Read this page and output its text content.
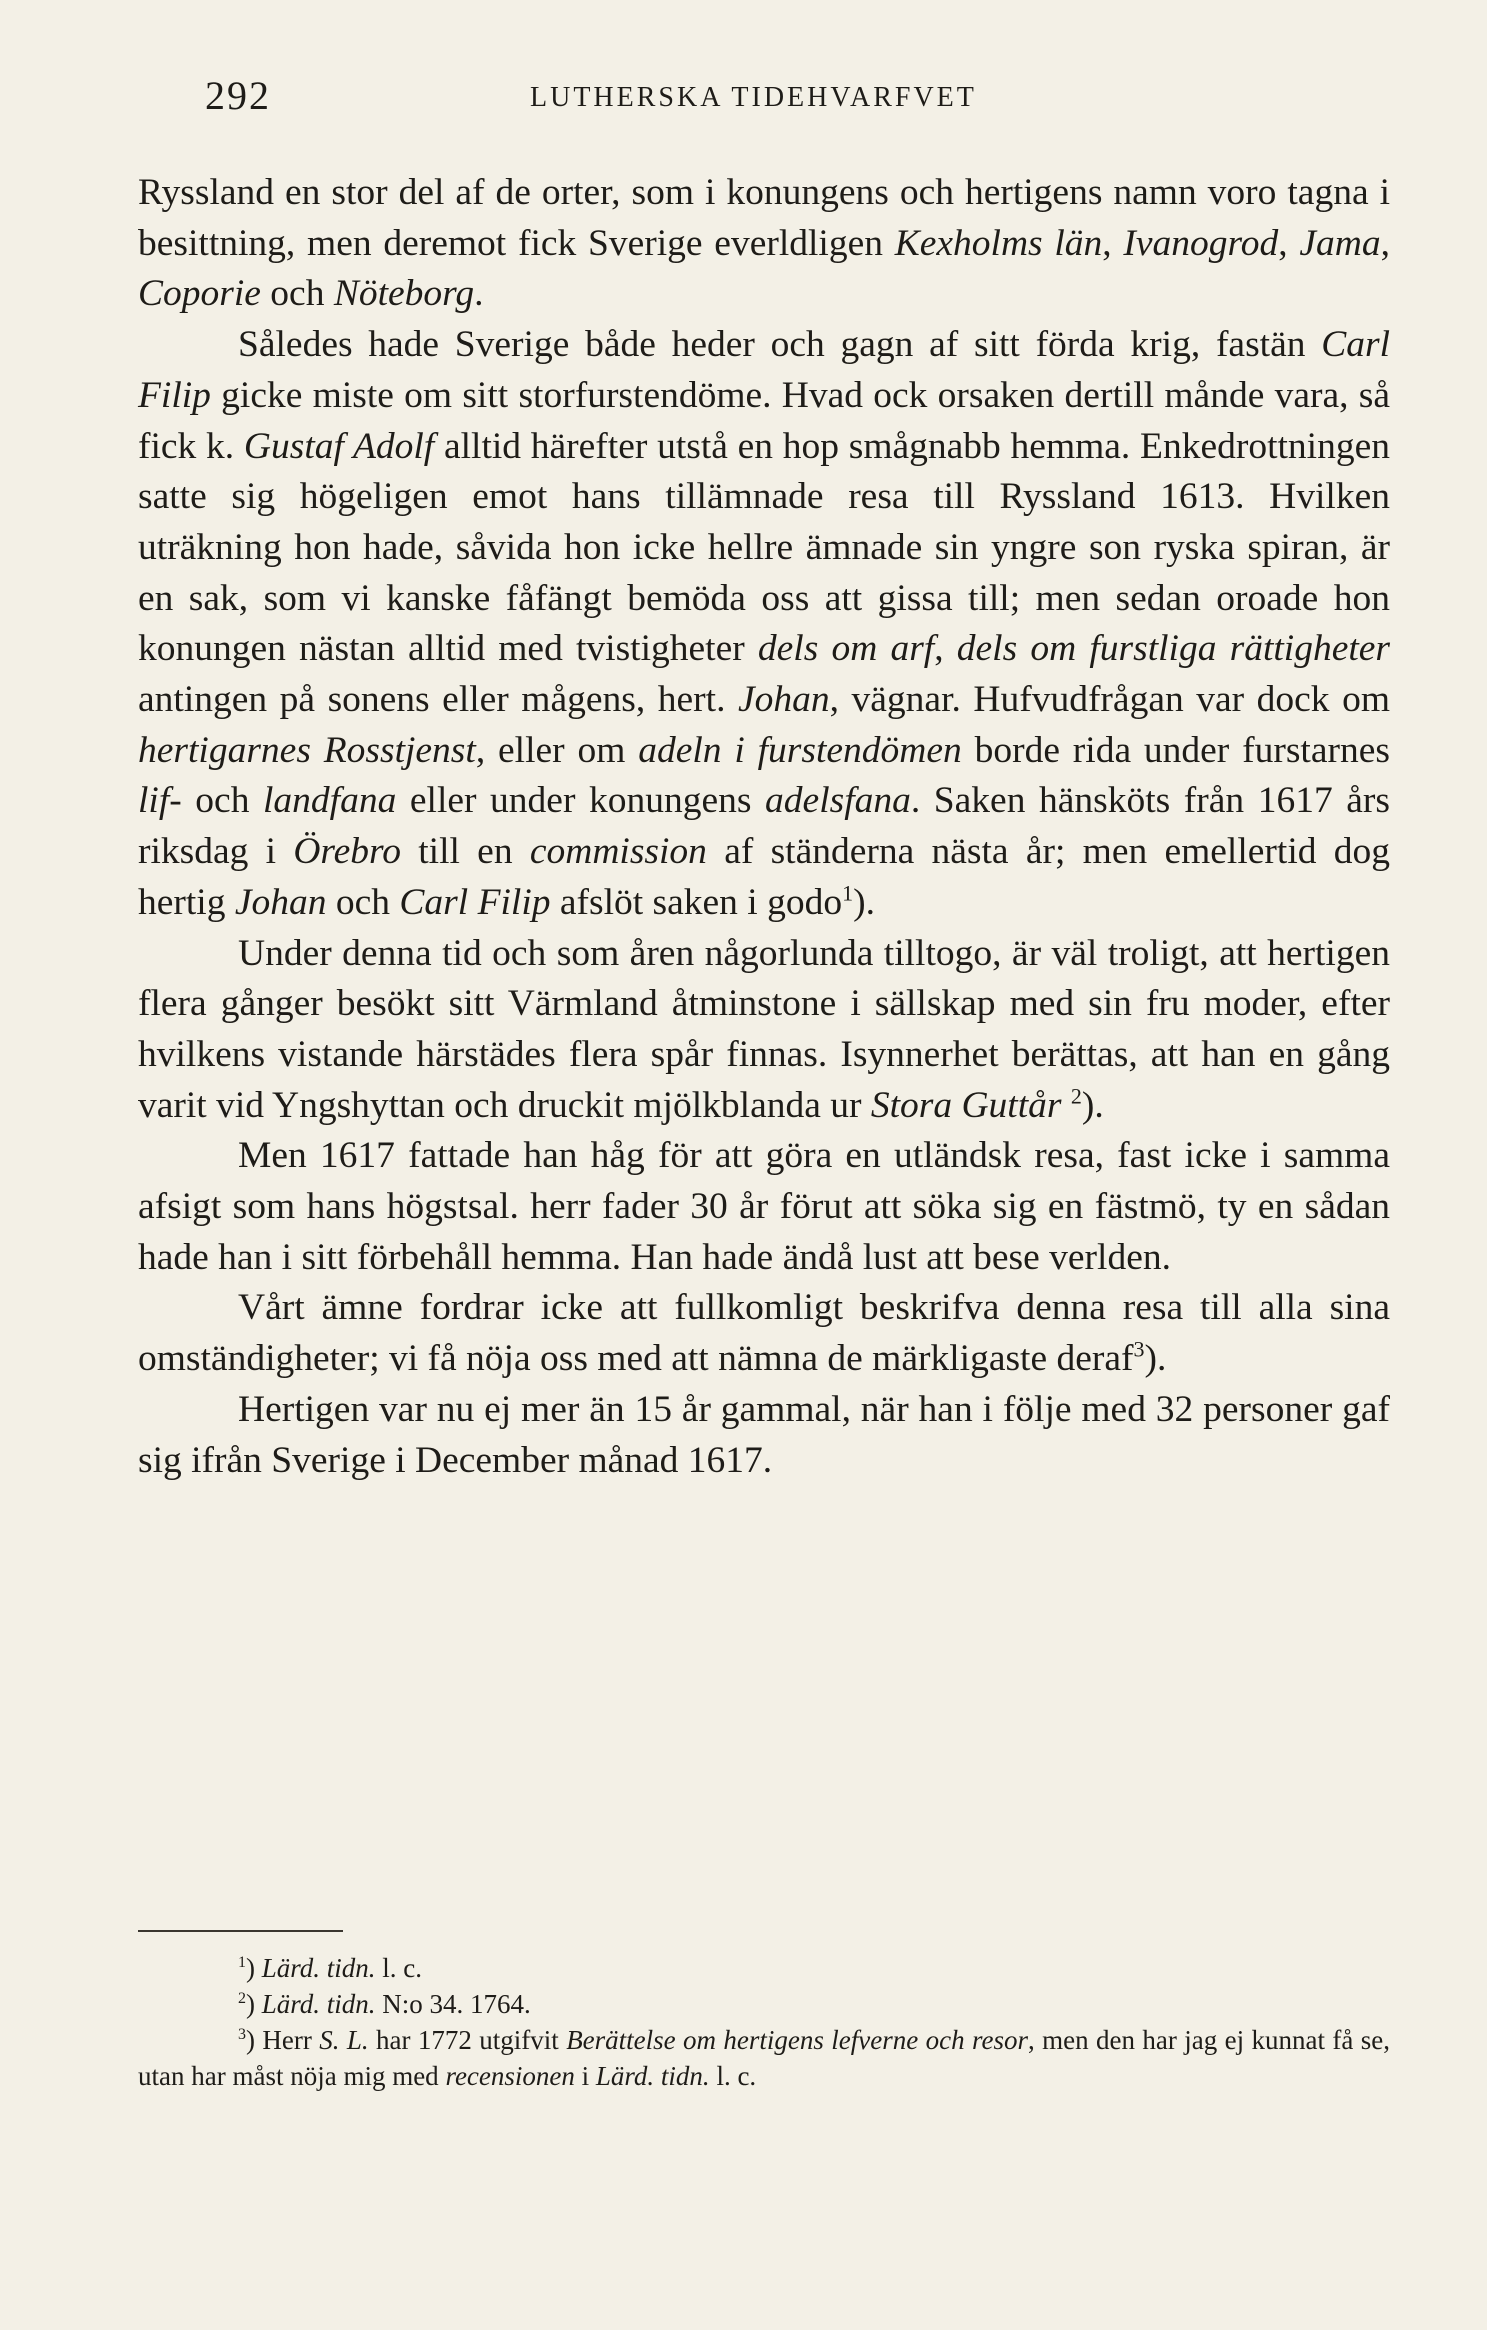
292	LUTHERSKA TIDEHVARFVET

Ryssland en stor del af de orter, som i konungens och hertigens namn voro tagna i besittning, men deremot fick Sverige everldligen Kexholms län, Ivanogrod, Jama, Coporie och Nöteborg.

Således hade Sverige både heder och gagn af sitt förda krig, fastän Carl Filip gicke miste om sitt storfurstendöme. Hvad ock orsaken dertill månde vara, så fick k. Gustaf Adolf alltid härefter utstå en hop smågnabb hemma. Enkedrottningen satte sig högeligen emot hans tillämnade resa till Ryssland 1613. Hvilken uträkning hon hade, såvida hon icke hellre ämnade sin yngre son ryska spiran, är en sak, som vi kanske fåfängt bemöda oss att gissa till; men sedan oroade hon konungen nästan alltid med tvistigheter dels om arf, dels om furstliga rättigheter antingen på sonens eller mågens, hert. Johan, vägnar. Hufvudfrågan var dock om hertigarnes Rosstjenst, eller om adeln i furstendömen borde rida under furstarnes lif- och landfana eller under konungens adelsfana. Saken hänsköts från 1617 års riksdag i Örebro till en commission af ständerna nästa år; men emellertid dog hertig Johan och Carl Filip afslöt saken i godo$^1$).

Under denna tid och som åren någorlunda tilltogo, är väl troligt, att hertigen flera gånger besökt sitt Värmland åtminstone i sällskap med sin fru moder, efter hvilkens vistande härstädes flera spår finnas. Isynnerhet berättas, att han en gång varit vid Yngshyttan och druckit mjölkblanda ur Stora Guttår $^2$).

Men 1617 fattade han håg för att göra en utländsk resa, fast icke i samma afsigt som hans högstsal. herr fader 30 år förut att söka sig en fästmö, ty en sådan hade han i sitt förbehåll hemma. Han hade ändå lust att bese verlden.

Vårt ämne fordrar icke att fullkomligt beskrifva denna resa till alla sina omständigheter; vi få nöja oss med att nämna de märkligaste deraf$^3$).

Hertigen var nu ej mer än 15 år gammal, när han i följe med 32 personer gaf sig ifrån Sverige i December månad 1617.

$^1$) Lärd. tidn. l. c.

$^2$) Lärd. tidn. N:o 34. 1764.

$^3$) Herr S. L. har 1772 utgifvit Berättelse om hertigens lefverne och resor, men den har jag ej kunnat få se, utan har måst nöja mig med recensionen i Lärd. tidn. l. c.
